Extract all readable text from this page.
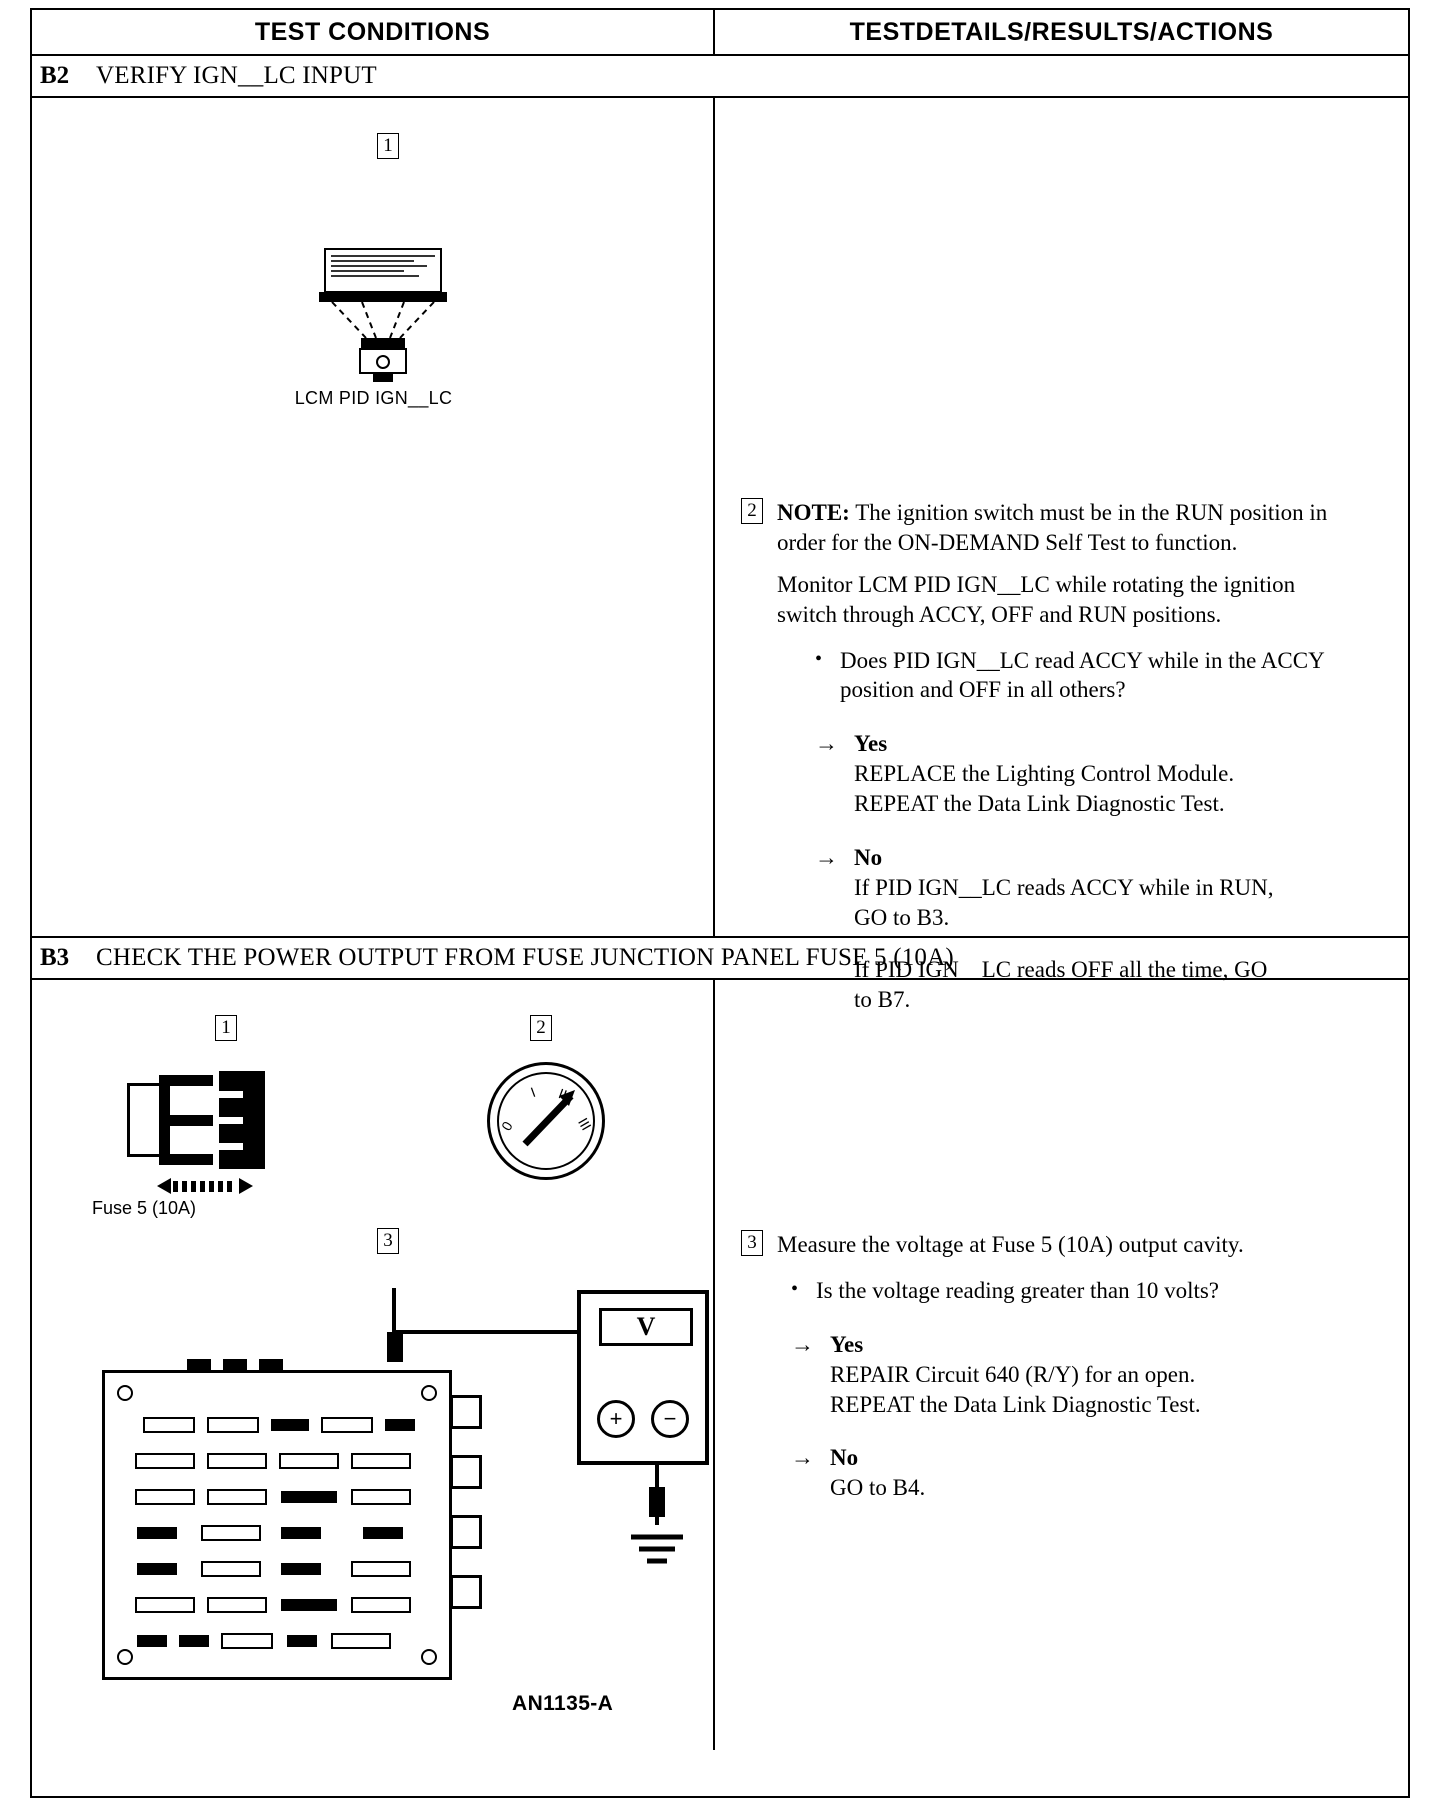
TEST CONDITIONS	TESTDETAILS/RESULTS/ACTIONS
B2	VERIFY IGN__LC INPUT
1
LCM PID IGN__LC
2 NOTE: The ignition switch must be in the RUN position in order for the ON-DEMAND Self Test to function.

Monitor LCM PID IGN__LC while rotating the ignition switch through ACCY, OFF and RUN positions.

• Does PID IGN__LC read ACCY while in the ACCY position and OFF in all others?
→ Yes
REPLACE the Lighting Control Module.
REPEAT the Data Link Diagnostic Test.
→ No
If PID IGN__LC reads ACCY while in RUN,
GO to B3.
If PID IGN__LC reads OFF all the time, GO
to B7.
B3	CHECK THE POWER OUTPUT FROM FUSE JUNCTION PANEL FUSE 5 (10A)
1
Fuse 5 (10A)
2
0
I II
III
3
V
+	−
AN1135-A
3 Measure the voltage at Fuse 5 (10A) output cavity.

• Is the voltage reading greater than 10 volts?
→ Yes
REPAIR Circuit 640 (R/Y) for an open.
REPEAT the Data Link Diagnostic Test.
→ No
GO to B4.
